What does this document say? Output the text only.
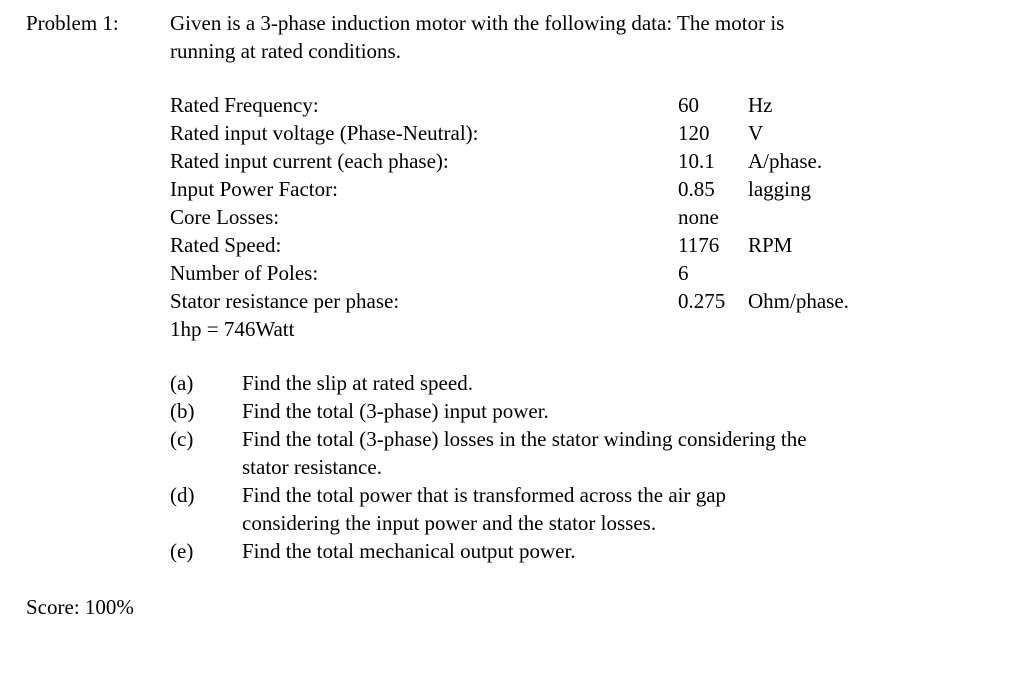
Problem 1: Given is a 3-phase induction motor with the following data: The motor is
running at rated conditions.
Rated Frequency:	60 Hz
Rated input voltage (Phase-Neutral):	120 V
Rated input current (each phase):	10.1 A/phase.
Input Power Factor:	0.85 lagging
Core Losses:	none
Rated Speed:	1176 RPM
Number of Poles:	6
Stator resistance per phase:	0.275 Ohm/phase.
1hp = 746Watt
(a) Find the slip at rated speed.
(b) Find the total (3-phase) input power.
(c) Find the total (3-phase) losses in the stator winding considering the
stator resistance.
(d) Find the total power that is transformed across the air gap
considering the input power and the stator losses.
(e) Find the total mechanical output power.
Score: 100%
